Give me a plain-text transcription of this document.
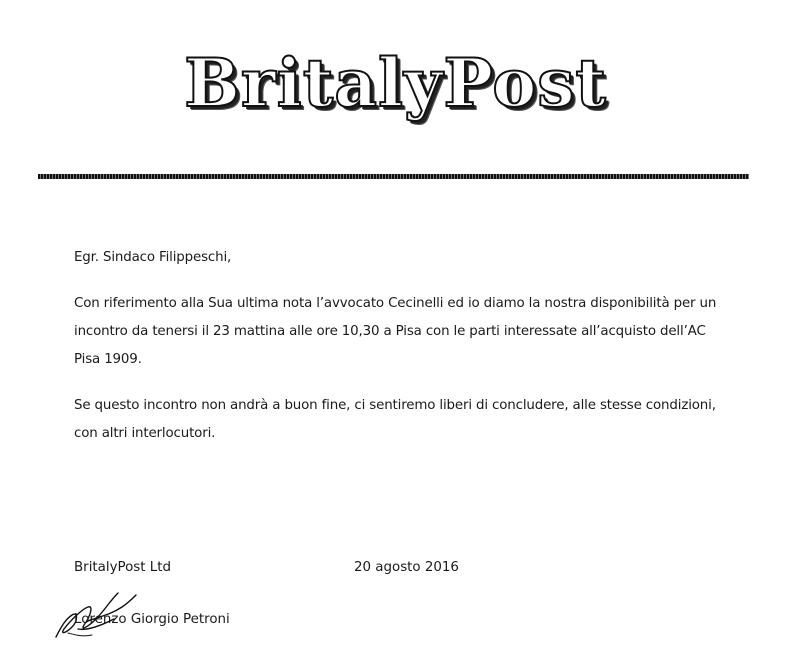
BritalyPost

Egr. Sindaco Filippeschi,

Con riferimento alla Sua ultima nota l’avvocato Cecinelli ed io diamo la nostra disponibilità per un incontro da tenersi il 23 mattina alle ore 10,30 a Pisa con le parti interessate all’acquisto dell’AC Pisa 1909.

Se questo incontro non andrà a buon fine, ci sentiremo liberi di concludere, alle stesse condizioni, con altri interlocutori.

BritalyPost Ltd	20 agosto 2016
Lorenzo Giorgio Petroni
